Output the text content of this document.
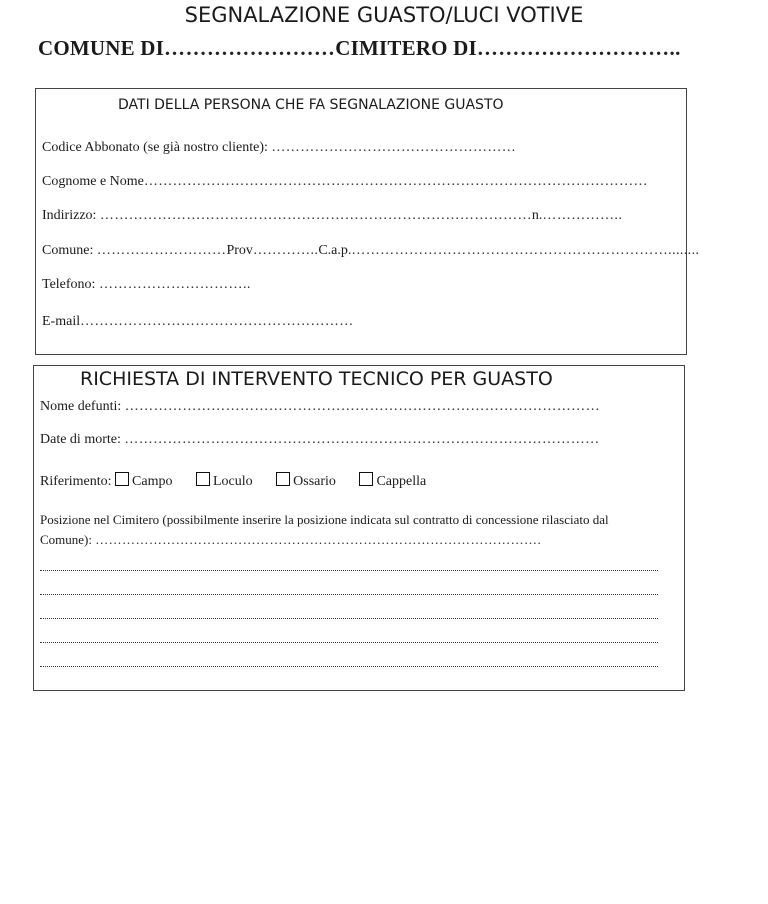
SEGNALAZIONE GUASTO/LUCI VOTIVE
COMUNE DI……………………CIMITERO DI………………………..
DATI DELLA PERSONA CHE FA SEGNALAZIONE GUASTO
Codice Abbonato (se già nostro cliente): ……………………………………………
Cognome e Nome……………………………………………………………………………………………
Indirizzo: ………………………………………………………………………………n.……………..
Comune: ………………………Prov…………..C.a.p.…………………………………………………………........
Telefono: …………………………..
E-mail…………………………………………………
RICHIESTA DI INTERVENTO TECNICO PER GUASTO
Nome defunti: ………………………………………………………………………………………
Date di morte: ………………………………………………………………………………………
Riferimento: Campo	Loculo	Ossario	Cappella
Posizione nel Cimitero (possibilmente inserire la posizione indicata sul contratto di concessione rilasciato dal
Comune): ……………………………………………………………………………………….
